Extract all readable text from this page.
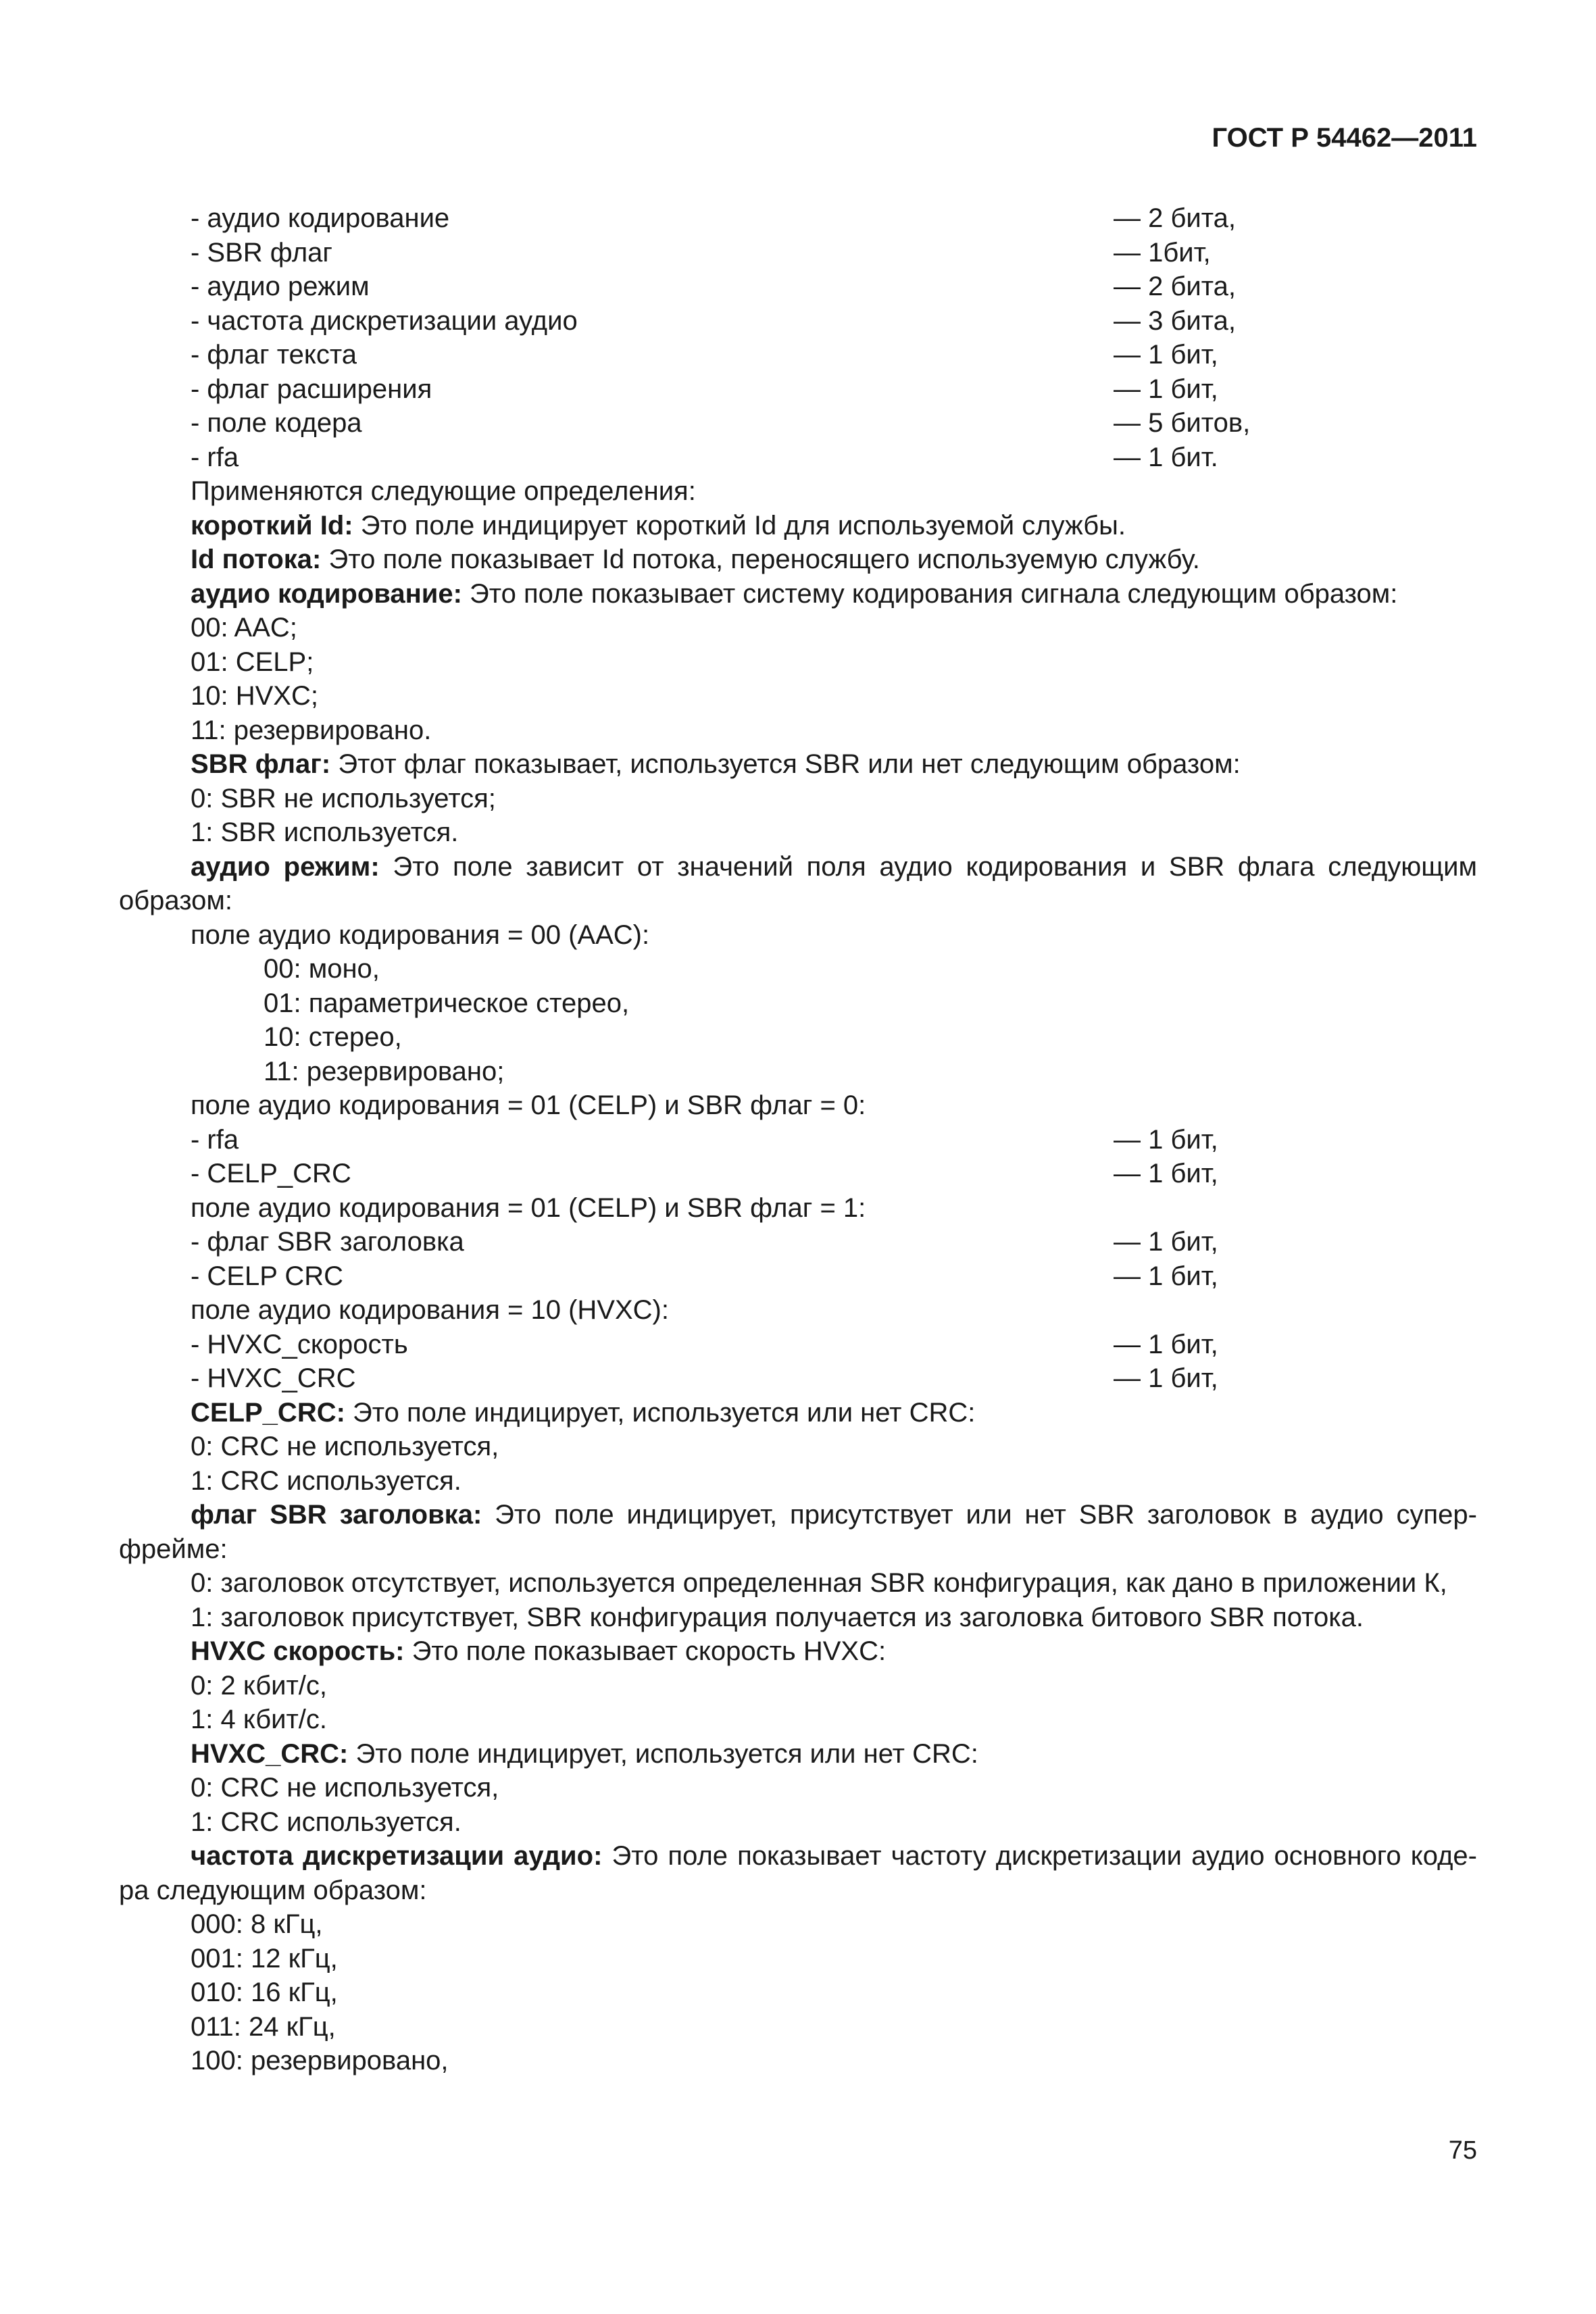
ГОСТ Р 54462—2011
- аудио кодирование	— 2 бита,
- SBR флаг	— 1бит,
- аудио режим	— 2 бита,
- частота дискретизации аудио	— 3 бита,
- флаг текста	— 1 бит,
- флаг расширения	— 1 бит,
- поле кодера	— 5 битов,
- rfa	— 1 бит.
Применяются следующие определения:
короткий Id: Это поле индицирует короткий Id для используемой службы.
Id потока: Это поле показывает Id потока, переносящего используемую службу.
аудио кодирование: Это поле показывает систему кодирования сигнала следующим образом:
00: AAC;
01: CELP;
10: HVXC;
11: резервировано.
SBR флаг: Этот флаг показывает, используется SBR или нет следующим образом:
0: SBR не используется;
1: SBR используется.
аудио режим: Это поле зависит от значений поля аудио кодирования и SBR флага следующим
образом:
поле аудио кодирования = 00 (AAC):
00: моно,
01: параметрическое стерео,
10: стерео,
11: резервировано;
поле аудио кодирования = 01 (CELP) и SBR флаг = 0:
- rfa	— 1 бит,
- CELP_CRC	— 1 бит,
поле аудио кодирования = 01 (CELP) и SBR флаг = 1:
- флаг SBR заголовка	— 1 бит,
- CELP CRC	— 1 бит,
поле аудио кодирования = 10 (HVXC):
- HVXC_скорость	— 1 бит,
- HVXC_CRC	— 1 бит,
CELP_CRC: Это поле индицирует, используется или нет CRC:
0: CRC не используется,
1: CRC используется.
флаг SBR заголовка: Это поле индицирует, присутствует или нет SBR заголовок в аудио супер-
фрейме:
0: заголовок отсутствует, используется определенная SBR конфигурация, как дано в приложении К,
1: заголовок присутствует, SBR конфигурация получается из заголовка битового SBR потока.
HVXC скорость: Это поле показывает скорость HVXC:
0: 2 кбит/с,
1: 4 кбит/с.
HVXC_CRC: Это поле индицирует, используется или нет CRC:
0: CRC не используется,
1: CRC используется.
частота дискретизации аудио: Это поле показывает частоту дискретизации аудио основного коде-
ра следующим образом:
000: 8 кГц,
001: 12 кГц,
010: 16 кГц,
011: 24 кГц,
100: резервировано,
75
